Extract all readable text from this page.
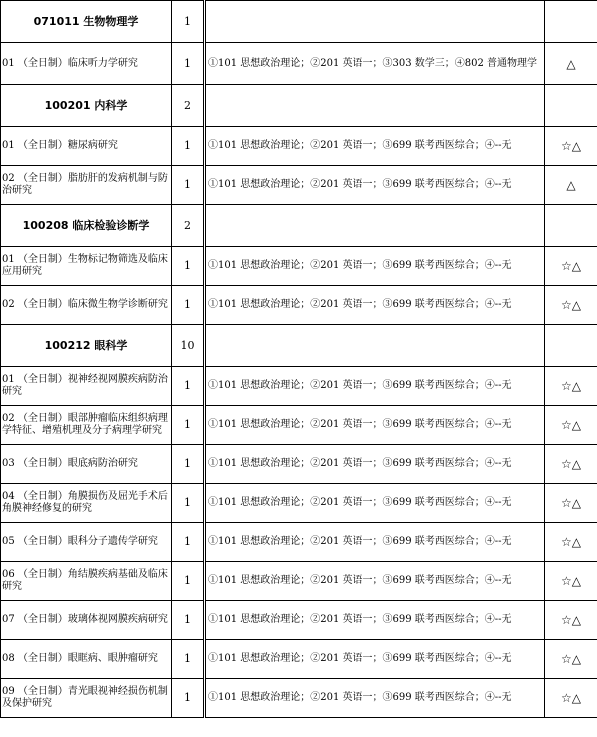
071011 生物物理学	1		
01 （全日制）临床听力学研究	1	①101 思想政治理论；②201 英语一；③303 数学三；④802 普通物理学	△
100201 内科学	2		
01 （全日制）糖尿病研究	1	①101 思想政治理论；②201 英语一；③699 联考西医综合；④--无	☆△
02 （全日制）脂肪肝的发病机制与防治研究	1	①101 思想政治理论；②201 英语一；③699 联考西医综合；④--无	△
100208 临床检验诊断学	2		
01 （全日制）生物标记物筛选及临床应用研究	1	①101 思想政治理论；②201 英语一；③699 联考西医综合；④--无	☆△
02 （全日制）临床微生物学诊断研究	1	①101 思想政治理论；②201 英语一；③699 联考西医综合；④--无	☆△
100212 眼科学	10		
01 （全日制）视神经视网膜疾病防治研究	1	①101 思想政治理论；②201 英语一；③699 联考西医综合；④--无	☆△
02 （全日制）眼部肿瘤临床组织病理学特征、增殖机理及分子病理学研究	1	①101 思想政治理论；②201 英语一；③699 联考西医综合；④--无	☆△
03 （全日制）眼底病防治研究	1	①101 思想政治理论；②201 英语一；③699 联考西医综合；④--无	☆△
04 （全日制）角膜损伤及屈光手术后角膜神经修复的研究	1	①101 思想政治理论；②201 英语一；③699 联考西医综合；④--无	☆△
05 （全日制）眼科分子遗传学研究	1	①101 思想政治理论；②201 英语一；③699 联考西医综合；④--无	☆△
06 （全日制）角结膜疾病基础及临床研究	1	①101 思想政治理论；②201 英语一；③699 联考西医综合；④--无	☆△
07 （全日制）玻璃体视网膜疾病研究	1	①101 思想政治理论；②201 英语一；③699 联考西医综合；④--无	☆△
08 （全日制）眼眶病、眼肿瘤研究	1	①101 思想政治理论；②201 英语一；③699 联考西医综合；④--无	☆△
09 （全日制）青光眼视神经损伤机制及保护研究	1	①101 思想政治理论；②201 英语一；③699 联考西医综合；④--无	☆△
